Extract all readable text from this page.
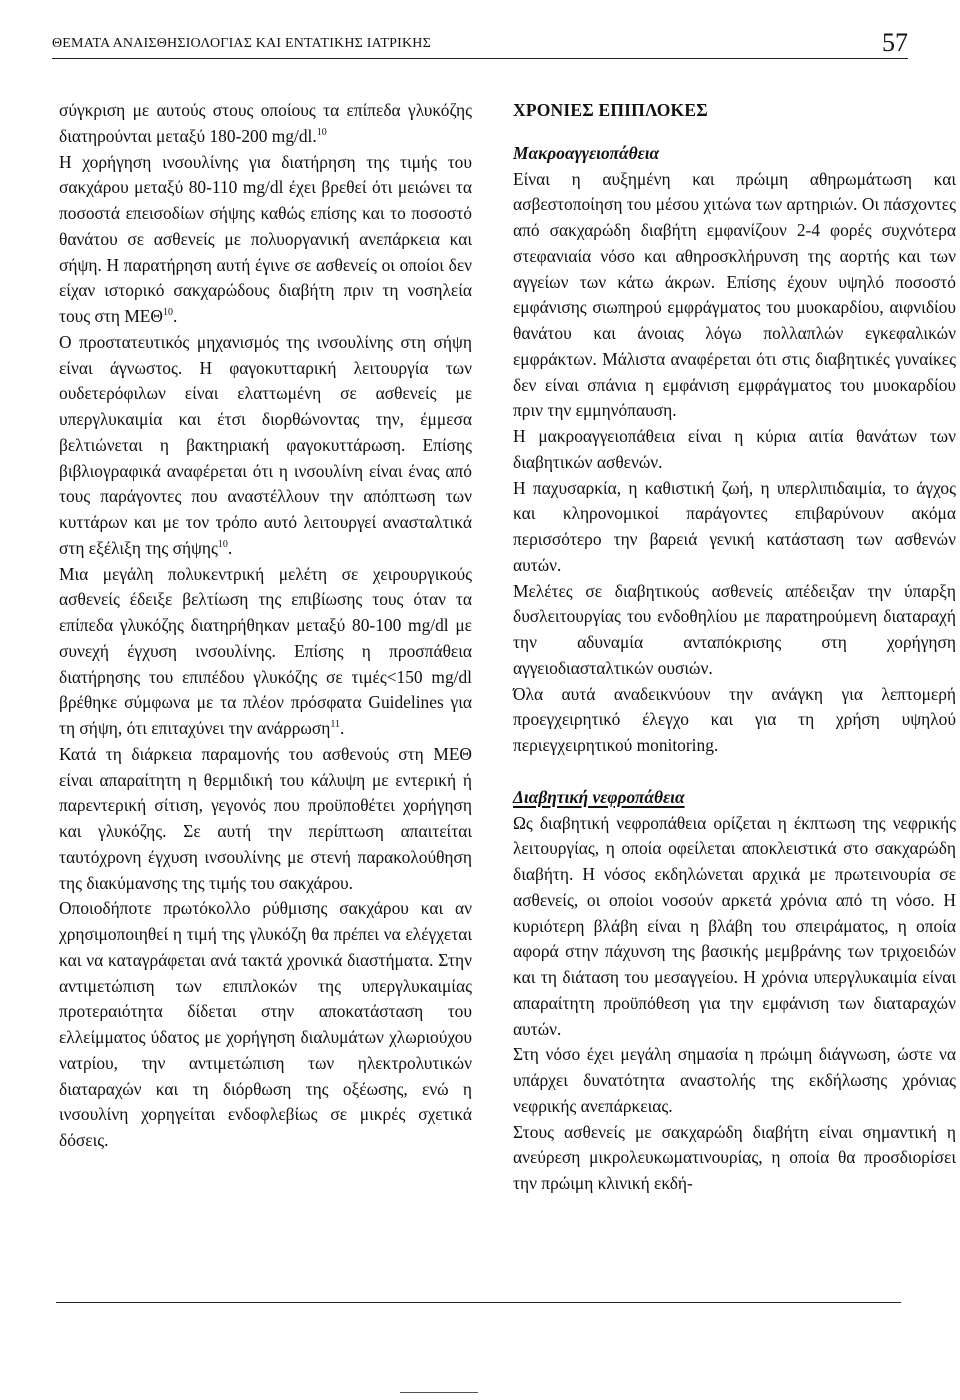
ΘΕΜΑΤΑ ΑΝΑΙΣΘΗΣΙΟΛΟΓΙΑΣ ΚΑΙ ΕΝΤΑΤΙΚΗΣ ΙΑΤΡΙΚΗΣ	57

σύγκριση με αυτούς στους οποίους τα επίπεδα γλυκόζης διατηρούνται μεταξύ 180-200 mg/dl.$^{10}$

Η χορήγηση ινσουλίνης για διατήρηση της τιμής του σακχάρου μεταξύ 80-110 mg/dl έχει βρεθεί ότι μειώνει τα ποσοστά επεισοδίων σήψης καθώς επίσης και το ποσοστό θανάτου σε ασθενείς με πολυοργανική ανεπάρκεια και σήψη. Η παρατήρηση αυτή έγινε σε ασθενείς οι οποίοι δεν είχαν ιστορικό σακχαρώδους διαβήτη πριν τη νοσηλεία τους στη ΜΕΘ$^{10}$.

Ο προστατευτικός μηχανισμός της ινσουλίνης στη σήψη είναι άγνωστος. Η φαγοκυτταρική λειτουργία των ουδετερόφιλων είναι ελαττωμένη σε ασθενείς με υπεργλυκαιμία και έτσι διορθώνοντας την, έμμεσα βελτιώνεται η βακτηριακή φαγοκυττάρωση. Επίσης βιβλιογραφικά αναφέρεται ότι η ινσουλίνη είναι ένας από τους παράγοντες που αναστέλλουν την απόπτωση των κυττάρων και με τον τρόπο αυτό λειτουργεί ανασταλτικά στη εξέλιξη της σήψης$^{10}$.

Μια μεγάλη πολυκεντρική μελέτη σε χειρουργικούς ασθενείς έδειξε βελτίωση της επιβίωσης τους όταν τα επίπεδα γλυκόζης διατηρήθηκαν μεταξύ 80-100 mg/dl με συνεχή έγχυση ινσουλίνης. Επίσης η προσπάθεια διατήρησης του επιπέδου γλυκόζης σε τιμές<150 mg/dl βρέθηκε σύμφωνα με τα πλέον πρόσφατα Guidelines για τη σήψη, ότι επιταχύνει την ανάρρωση$^{11}$.

Κατά τη διάρκεια παραμονής του ασθενούς στη ΜΕΘ είναι απαραίτητη η θερμιδική του κάλυψη με εντερική ή παρεντερική σίτιση, γεγονός που προϋποθέτει χορήγηση και γλυκόζης. Σε αυτή την περίπτωση απαιτείται ταυτόχρονη έγχυση ινσουλίνης με στενή παρακολούθηση της διακύμανσης της τιμής του σακχάρου.

Οποιοδήποτε πρωτόκολλο ρύθμισης σακχάρου και αν χρησιμοποιηθεί η τιμή της γλυκόζη θα πρέπει να ελέγχεται και να καταγράφεται ανά τακτά χρονικά διαστήματα. Στην αντιμετώπιση των επιπλοκών της υπεργλυκαιμίας προτεραιότητα δίδεται στην αποκατάσταση του ελλείμματος ύδατος με χορήγηση διαλυμάτων χλωριούχου νατρίου, την αντιμετώπιση των ηλεκτρολυτικών διαταραχών και τη διόρθωση της οξέωσης, ενώ η ινσουλίνη χορηγείται ενδοφλεβίως σε μικρές σχετικά δόσεις.

ΧΡΟΝΙΕΣ ΕΠΙΠΛΟΚΕΣ

Μακροαγγειοπάθεια

Είναι η αυξημένη και πρώιμη αθηρωμάτωση και ασβεστοποίηση του μέσου χιτώνα των αρτηριών. Οι πάσχοντες από σακχαρώδη διαβήτη εμφανίζουν 2-4 φορές συχνότερα στεφανιαία νόσο και αθηροσκλήρυνση της αορτής και των αγγείων των κάτω άκρων. Επίσης έχουν υψηλό ποσοστό εμφάνισης σιωπηρού εμφράγματος του μυοκαρδίου, αιφνιδίου θανάτου και άνοιας λόγω πολλαπλών εγκεφαλικών εμφράκτων. Μάλιστα αναφέρεται ότι στις διαβητικές γυναίκες δεν είναι σπάνια η εμφάνιση εμφράγματος του μυοκαρδίου πριν την εμμηνόπαυση.

Η μακροαγγειοπάθεια είναι η κύρια αιτία θανάτων των διαβητικών ασθενών.

Η παχυσαρκία, η καθιστική ζωή, η υπερλιπιδαιμία, το άγχος και κληρονομικοί παράγοντες επιβαρύνουν ακόμα περισσότερο την βαρειά γενική κατάσταση των ασθενών αυτών.

Μελέτες σε διαβητικούς ασθενείς απέδειξαν την ύπαρξη δυσλειτουργίας του ενδοθηλίου με παρατηρούμενη διαταραχή την αδυναμία ανταπόκρισης στη χορήγηση αγγειοδιασταλτικών ουσιών.

Όλα αυτά αναδεικνύουν την ανάγκη για λεπτομερή προεγχειρητικό έλεγχο και για τη χρήση υψηλού περιεγχειρητικού monitoring.

Διαβητική νεφροπάθεια

Ως διαβητική νεφροπάθεια ορίζεται η έκπτωση της νεφρικής λειτουργίας, η οποία οφείλεται αποκλειστικά στο σακχαρώδη διαβήτη. Η νόσος εκδηλώνεται αρχικά με πρωτεινουρία σε ασθενείς, οι οποίοι νοσούν αρκετά χρόνια από τη νόσο. Η κυριότερη βλάβη είναι η βλάβη του σπειράματος, η οποία αφορά στην πάχυνση της βασικής μεμβράνης των τριχοειδών και τη διάταση του μεσαγγείου. Η χρόνια υπεργλυκαιμία είναι απαραίτητη προϋπόθεση για την εμφάνιση των διαταραχών αυτών.

Στη νόσο έχει μεγάλη σημασία η πρώιμη διάγνωση, ώστε να υπάρχει δυνατότητα αναστολής της εκδήλωσης χρόνιας νεφρικής ανεπάρκειας.

Στους ασθενείς με σακχαρώδη διαβήτη είναι σημαντική η ανεύρεση μικρολευκωματινουρίας, η οποία θα προσδιορίσει την πρώιμη κλινική εκδή-
